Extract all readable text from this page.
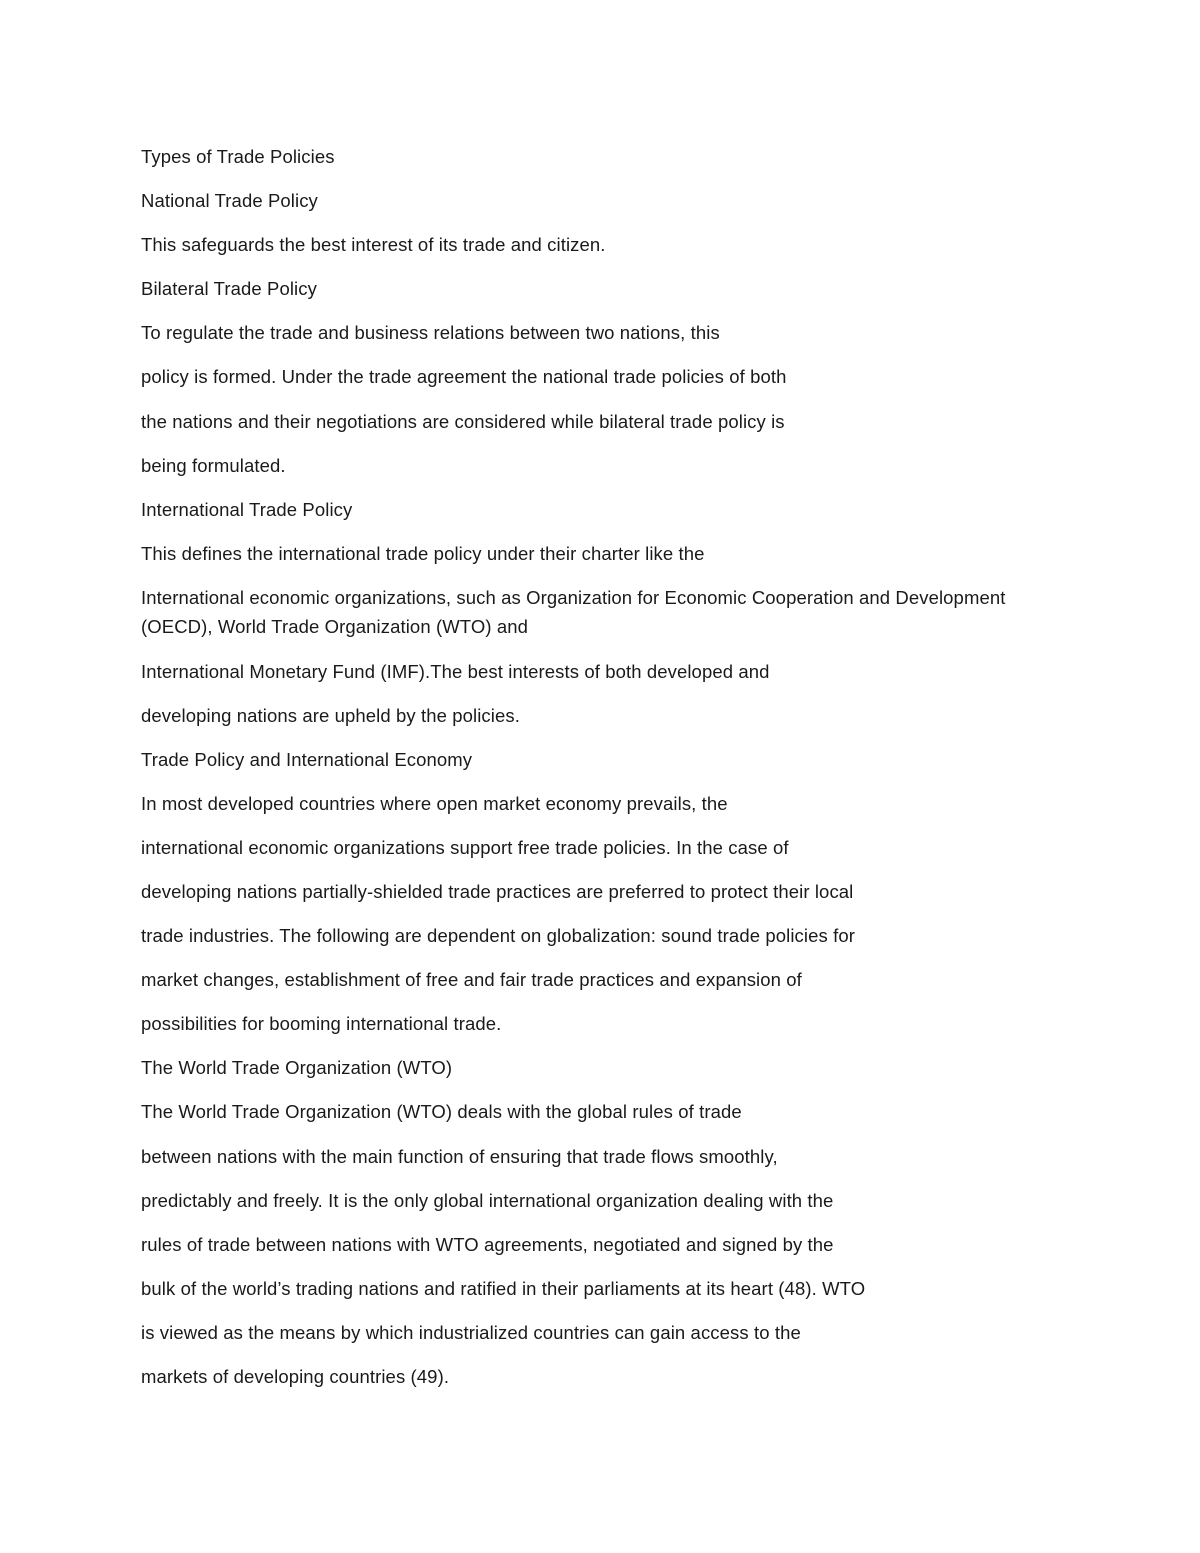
Types of Trade Policies

National Trade Policy

This safeguards the best interest of its trade and citizen.

Bilateral Trade Policy

To regulate the trade and business relations between two nations, this

policy is formed. Under the trade agreement the national trade policies of both

the nations and their negotiations are considered while bilateral trade policy is

being formulated.

International Trade Policy

This defines the international trade policy under their charter like the

International economic organizations, such as Organization for Economic Cooperation and Development (OECD), World Trade Organization (WTO) and

International Monetary Fund (IMF).The best interests of both developed and

developing nations are upheld by the policies.

Trade Policy and International Economy

In most developed countries where open market economy prevails, the

international economic organizations support free trade policies. In the case of

developing nations partially-shielded trade practices are preferred to protect their local

trade industries. The following are dependent on globalization: sound trade policies for

market changes, establishment of free and fair trade practices and expansion of

possibilities for booming international trade.

The World Trade Organization (WTO)

The World Trade Organization (WTO) deals with the global rules of trade

between nations with the main function of ensuring that trade flows smoothly,

predictably and freely. It is the only global international organization dealing with the

rules of trade between nations with WTO agreements, negotiated and signed by the

bulk of the world’s trading nations and ratified in their parliaments at its heart (48). WTO

is viewed as the means by which industrialized countries can gain access to the

markets of developing countries (49).
